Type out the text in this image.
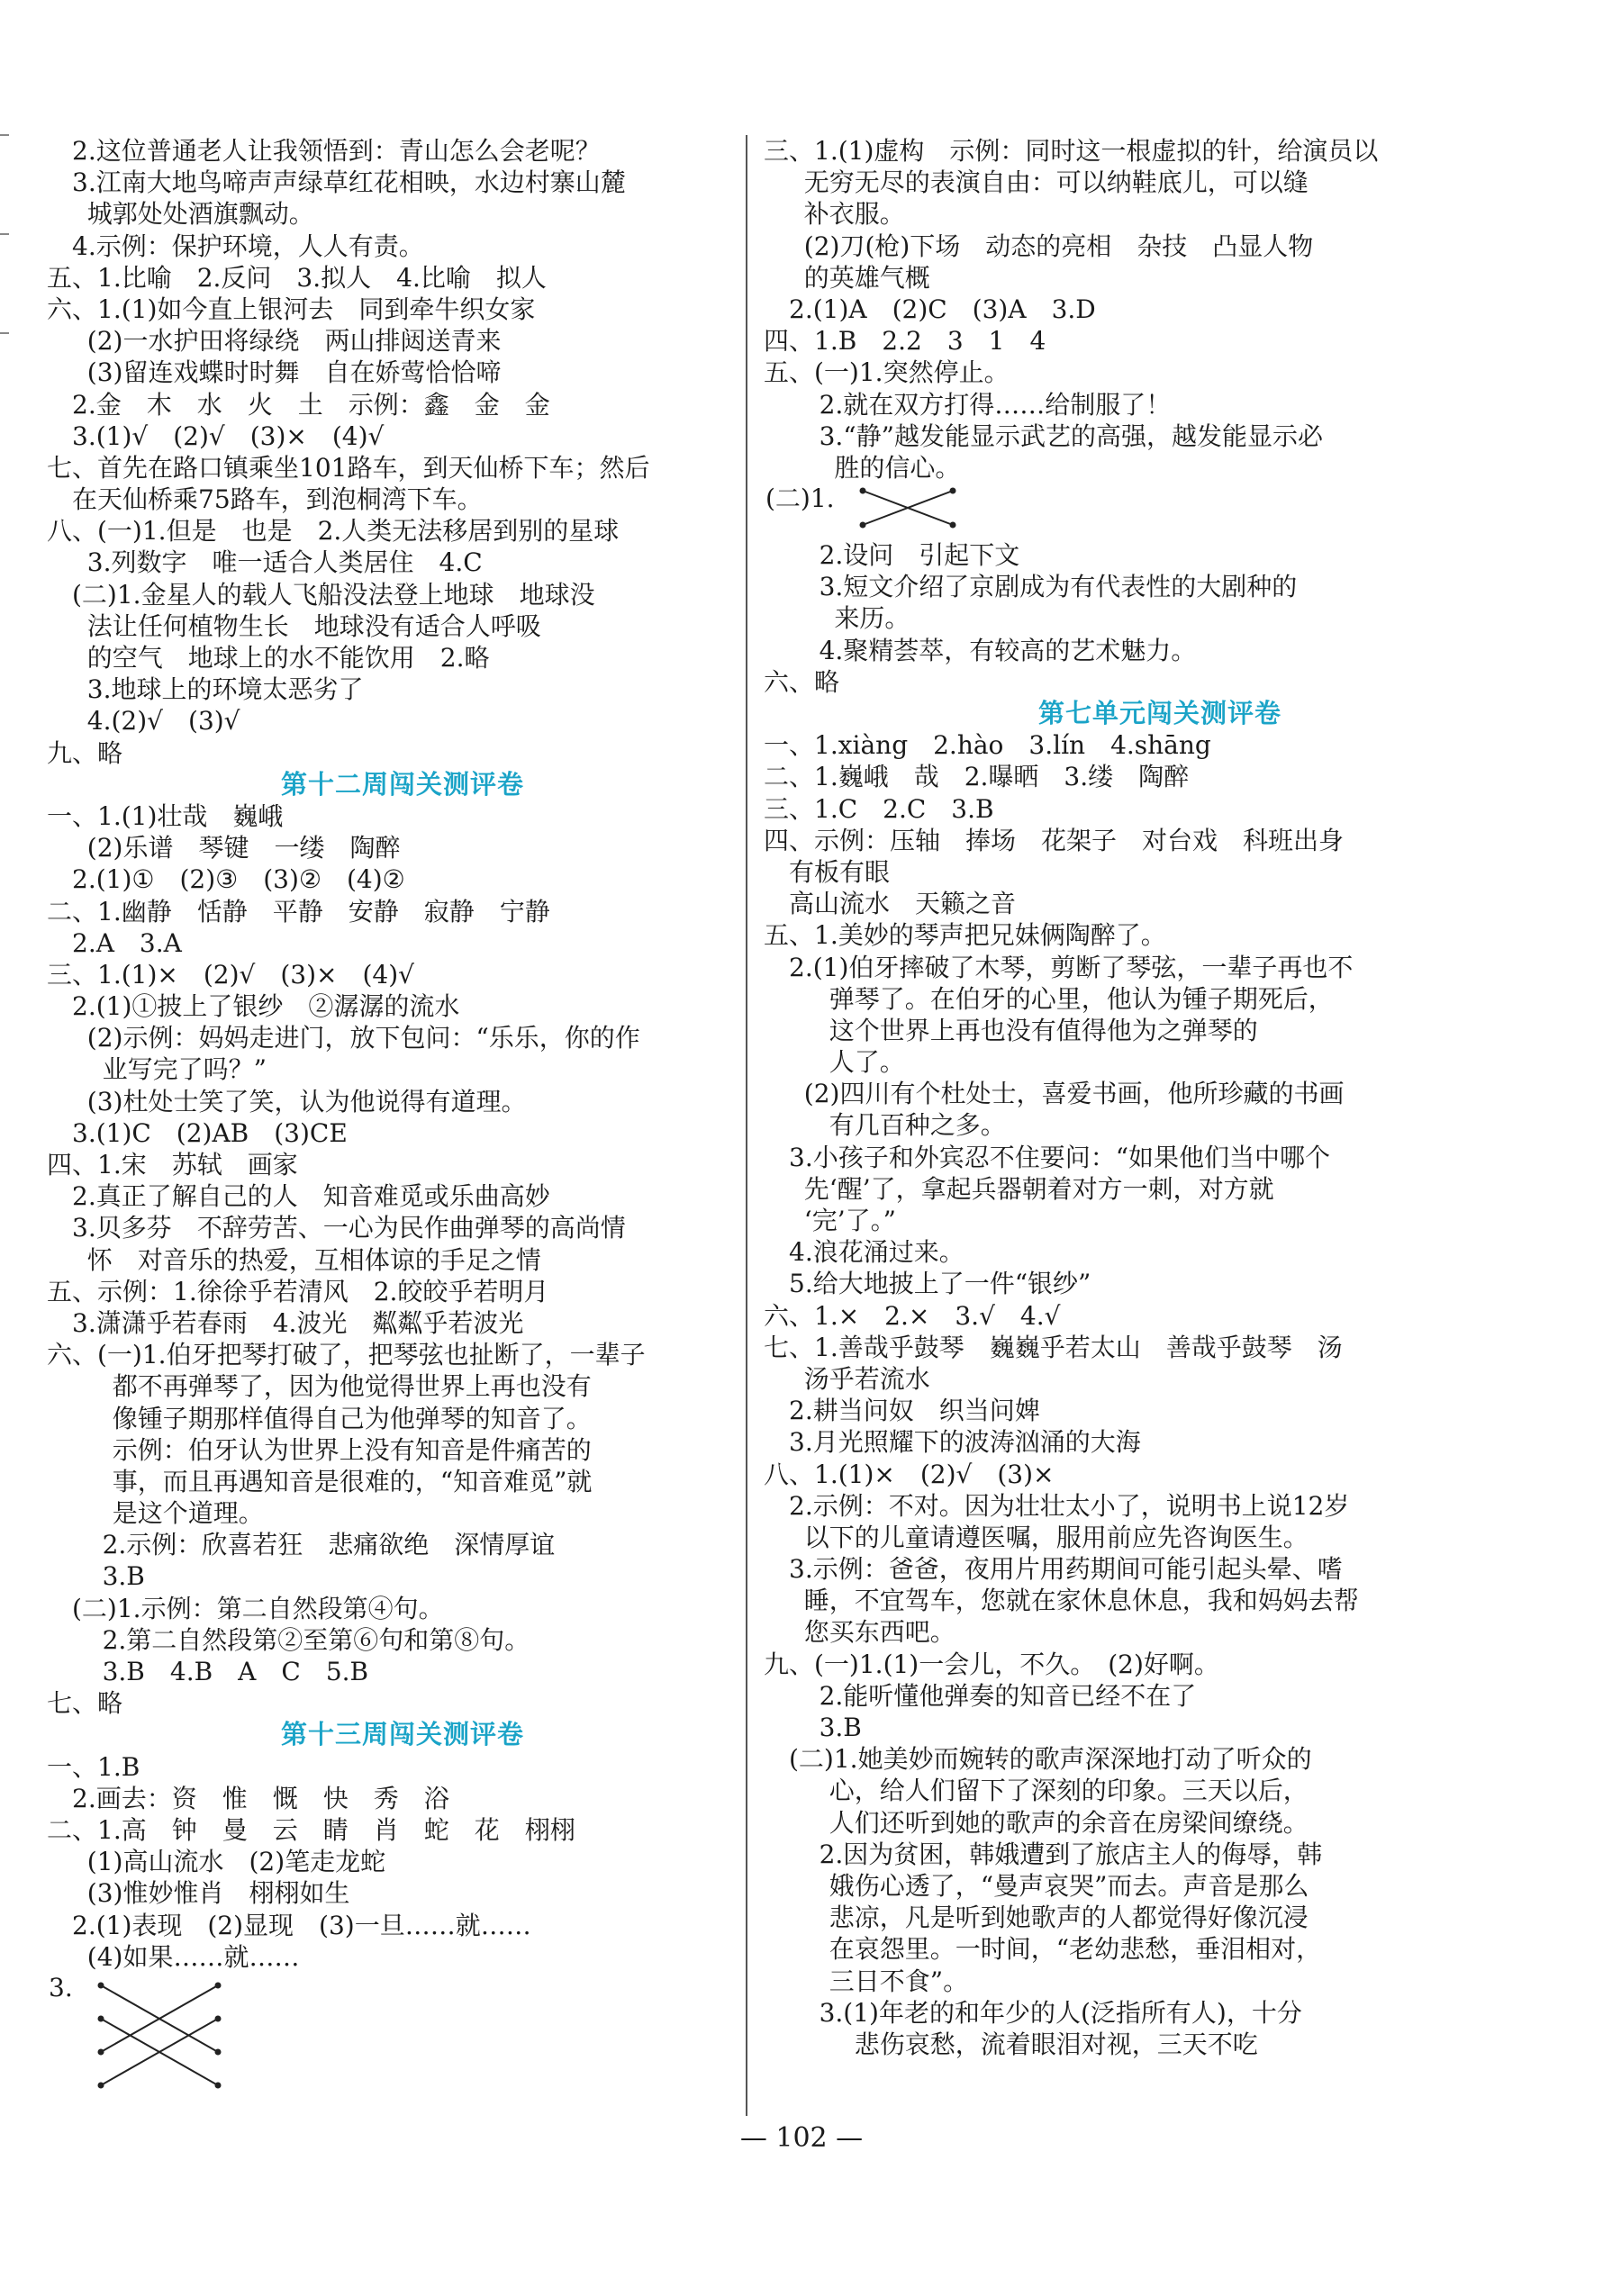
2.这位普通老人让我领悟到：青山怎么会老呢？
3.江南大地鸟啼声声绿草红花相映，水边村寨山麓
城郭处处酒旗飘动。
4.示例：保护环境，人人有责。
五、1.比喻　2.反问　3.拟人　4.比喻　拟人
六、1.(1)如今直上银河去　同到牵牛织女家
(2)一水护田将绿绕　两山排闼送青来
(3)留连戏蝶时时舞　自在娇莺恰恰啼
2.金　木　水　火　土　示例：鑫　金　金
3.(1)√　(2)√　(3)×　(4)√
七、首先在路口镇乘坐101路车，到天仙桥下车；然后
在天仙桥乘75路车，到泡桐湾下车。
八、(一)1.但是　也是　2.人类无法移居到别的星球
3.列数字　唯一适合人类居住　4.C
(二)1.金星人的载人飞船没法登上地球　地球没
法让任何植物生长　地球没有适合人呼吸
的空气　地球上的水不能饮用　2.略
3.地球上的环境太恶劣了
4.(2)√　(3)√
九、略
第十二周闯关测评卷
一、1.(1)壮哉　巍峨
(2)乐谱　琴键　一缕　陶醉
2.(1)①　(2)③　(3)②　(4)②
二、1.幽静　恬静　平静　安静　寂静　宁静
2.A　3.A
三、1.(1)×　(2)√　(3)×　(4)√
2.(1)①披上了银纱　②潺潺的流水
(2)示例：妈妈走进门，放下包问：“乐乐，你的作
业写完了吗？”
(3)杜处士笑了笑，认为他说得有道理。
3.(1)C　(2)AB　(3)CE
四、1.宋　苏轼　画家
2.真正了解自己的人　知音难觅或乐曲高妙
3.贝多芬　不辞劳苦、一心为民作曲弹琴的高尚情
怀　对音乐的热爱，互相体谅的手足之情
五、示例：1.徐徐乎若清风　2.皎皎乎若明月
3.潇潇乎若春雨　4.波光　粼粼乎若波光
六、(一)1.伯牙把琴打破了，把琴弦也扯断了，一辈子
都不再弹琴了，因为他觉得世界上再也没有
像锺子期那样值得自己为他弹琴的知音了。
示例：伯牙认为世界上没有知音是件痛苦的
事，而且再遇知音是很难的，“知音难觅”就
是这个道理。
2.示例：欣喜若狂　悲痛欲绝　深情厚谊
3.B
(二)1.示例：第二自然段第④句。
2.第二自然段第②至第⑥句和第⑧句。
3.B　4.B　A　C　5.B
七、略
第十三周闯关测评卷
一、1.B
2.画去：资　惟　慨　快　秀　浴
二、1.高　钟　曼　云　睛　肖　蛇　花　栩栩
(1)高山流水　(2)笔走龙蛇
(3)惟妙惟肖　栩栩如生
2.(1)表现　(2)显现　(3)一旦……就……
(4)如果……就……
3.
三、1.(1)虚构　示例：同时这一根虚拟的针，给演员以
无穷无尽的表演自由：可以纳鞋底儿，可以缝
补衣服。
(2)刀(枪)下场　动态的亮相　杂技　凸显人物
的英雄气概
2.(1)A　(2)C　(3)A　3.D
四、1.B　2.2　3　1　4
五、(一)1.突然停止。
2.就在双方打得……给制服了！
3.“静”越发能显示武艺的高强，越发能显示必
胜的信心。
(二)1.
2.设问　引起下文
3.短文介绍了京剧成为有代表性的大剧种的
来历。
4.聚精荟萃，有较高的艺术魅力。
六、略
第七单元闯关测评卷
一、1.xiàng　2.hào　3.lín　4.shāng
二、1.巍峨　哉　2.曝晒　3.缕　陶醉
三、1.C　2.C　3.B
四、示例：压轴　捧场　花架子　对台戏　科班出身
有板有眼
高山流水　天籁之音
五、1.美妙的琴声把兄妹俩陶醉了。
2.(1)伯牙摔破了木琴，剪断了琴弦，一辈子再也不
弹琴了。在伯牙的心里，他认为锺子期死后，
这个世界上再也没有值得他为之弹琴的
人了。
(2)四川有个杜处士，喜爱书画，他所珍藏的书画
有几百种之多。
3.小孩子和外宾忍不住要问：“如果他们当中哪个
先‘醒’了，拿起兵器朝着对方一刺，对方就
‘完’了。”
4.浪花涌过来。
5.给大地披上了一件“银纱”
六、1.×　2.×　3.√　4.√
七、1.善哉乎鼓琴　巍巍乎若太山　善哉乎鼓琴　汤
汤乎若流水
2.耕当问奴　织当问婢
3.月光照耀下的波涛汹涌的大海
八、1.(1)×　(2)√　(3)×
2.示例：不对。因为壮壮太小了，说明书上说12岁
以下的儿童请遵医嘱，服用前应先咨询医生。
3.示例：爸爸，夜用片用药期间可能引起头晕、嗜
睡，不宜驾车，您就在家休息休息，我和妈妈去帮
您买东西吧。
九、(一)1.(1)一会儿，不久。　(2)好啊。
2.能听懂他弹奏的知音已经不在了
3.B
(二)1.她美妙而婉转的歌声深深地打动了听众的
心，给人们留下了深刻的印象。三天以后，
人们还听到她的歌声的余音在房梁间缭绕。
2.因为贫困，韩娥遭到了旅店主人的侮辱，韩
娥伤心透了，“曼声哀哭”而去。声音是那么
悲凉，凡是听到她歌声的人都觉得好像沉浸
在哀怨里。一时间，“老幼悲愁，垂泪相对，
三日不食”。
3.(1)年老的和年少的人(泛指所有人)，十分
悲伤哀愁，流着眼泪对视，三天不吃
— 102 —
